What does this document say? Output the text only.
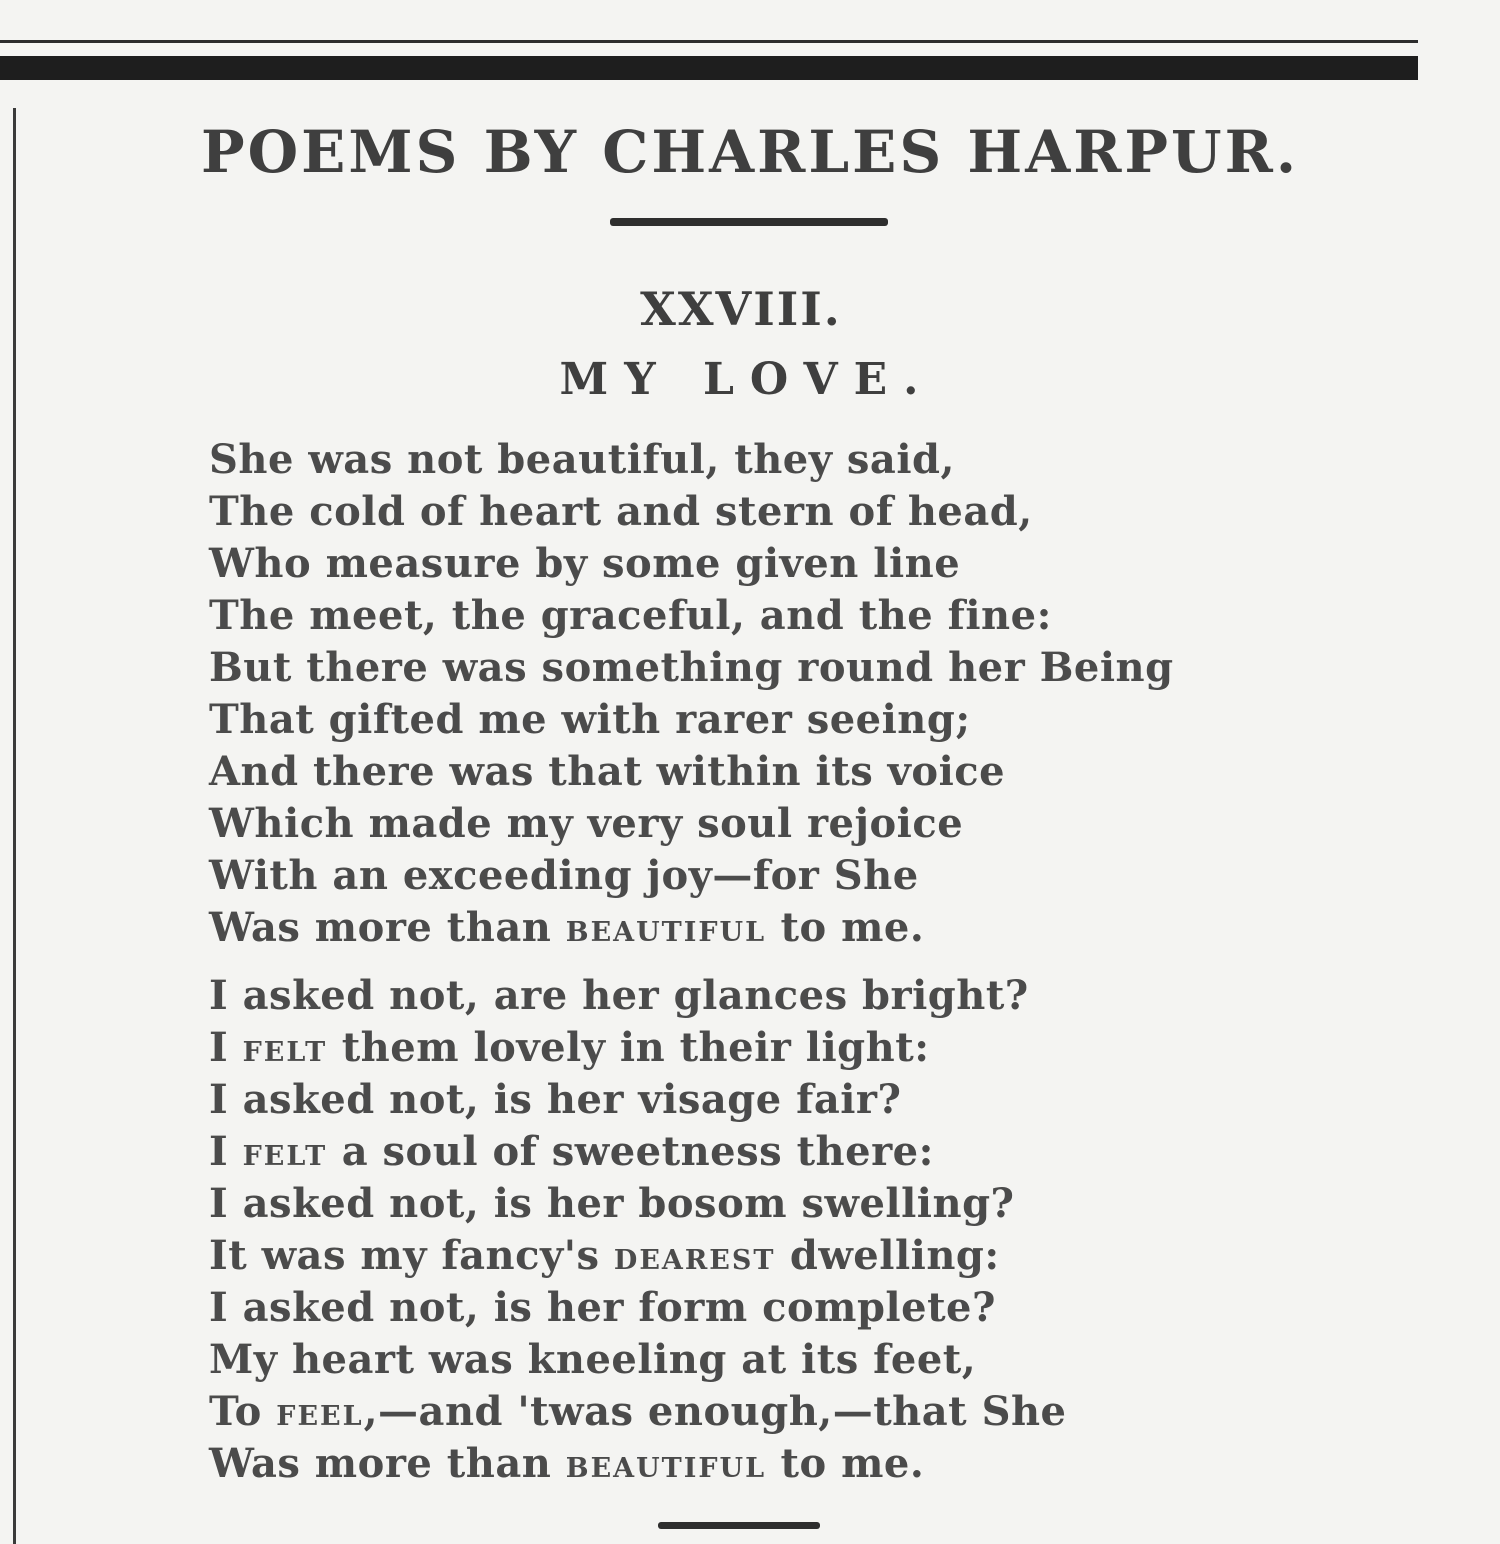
POEMS BY CHARLES HARPUR.
XXVIII.
MY LOVE.
She was not beautiful, they said,
The cold of heart and stern of head,
Who measure by some given line
The meet, the graceful, and the fine:
But there was something round her Being
That gifted me with rarer seeing;
And there was that within its voice
Which made my very soul rejoice
With an exceeding joy—for She
Was more than BEAUTIFUL to me.
I asked not, are her glances bright?
I FELT them lovely in their light:
I asked not, is her visage fair?
I FELT a soul of sweetness there:
I asked not, is her bosom swelling?
It was my fancy's DEAREST dwelling:
I asked not, is her form complete?
My heart was kneeling at its feet,
To FEEL,—and 'twas enough,—that She
Was more than BEAUTIFUL to me.
